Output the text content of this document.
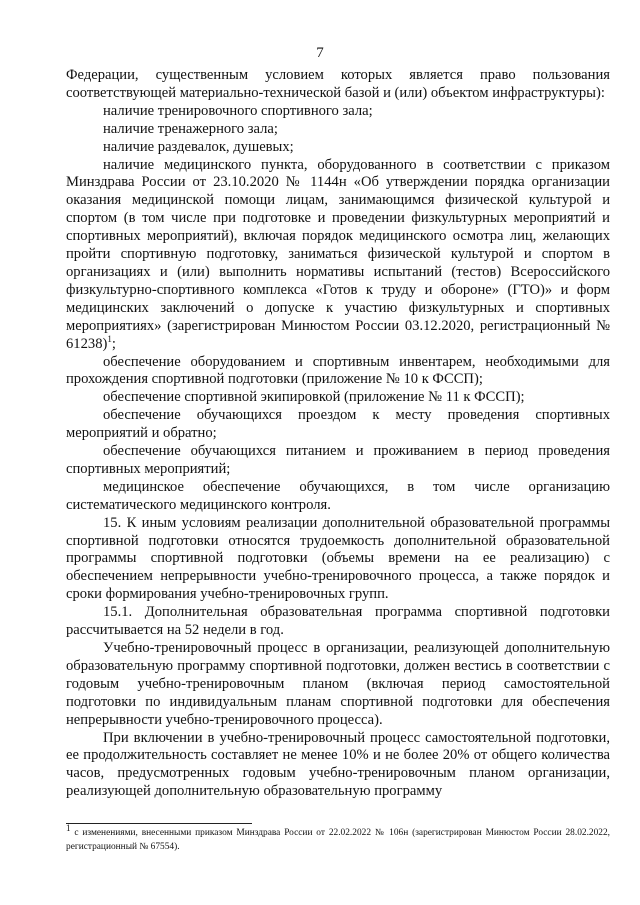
7

Федерации, существенным условием которых является право пользования соответствующей материально-технической базой и (или) объектом инфраструктуры):

наличие тренировочного спортивного зала;

наличие тренажерного зала;

наличие раздевалок, душевых;

наличие медицинского пункта, оборудованного в соответствии с приказом Минздрава России от 23.10.2020 № 1144н «Об утверждении порядка организации оказания медицинской помощи лицам, занимающимся физической культурой и спортом (в том числе при подготовке и проведении физкультурных мероприятий и спортивных мероприятий), включая порядок медицинского осмотра лиц, желающих пройти спортивную подготовку, заниматься физической культурой и спортом в организациях и (или) выполнить нормативы испытаний (тестов) Всероссийского физкультурно-спортивного комплекса «Готов к труду и обороне» (ГТО)» и форм медицинских заключений о допуске к участию физкультурных и спортивных мероприятиях» (зарегистрирован Минюстом России 03.12.2020, регистрационный № 61238)$^1$;

обеспечение оборудованием и спортивным инвентарем, необходимыми для прохождения спортивной подготовки (приложение № 10 к ФССП);

обеспечение спортивной экипировкой (приложение № 11 к ФССП);

обеспечение обучающихся проездом к месту проведения спортивных мероприятий и обратно;

обеспечение обучающихся питанием и проживанием в период проведения спортивных мероприятий;

медицинское обеспечение обучающихся, в том числе организацию систематического медицинского контроля.

15. К иным условиям реализации дополнительной образовательной программы спортивной подготовки относятся трудоемкость дополнительной образовательной программы спортивной подготовки (объемы времени на ее реализацию) с обеспечением непрерывности учебно-тренировочного процесса, а также порядок и сроки формирования учебно-тренировочных групп.

15.1. Дополнительная образовательная программа спортивной подготовки рассчитывается на 52 недели в год.

Учебно-тренировочный процесс в организации, реализующей дополнительную образовательную программу спортивной подготовки, должен вестись в соответствии с годовым учебно-тренировочным планом (включая период самостоятельной подготовки по индивидуальным планам спортивной подготовки для обеспечения непрерывности учебно-тренировочного процесса).

При включении в учебно-тренировочный процесс самостоятельной подготовки, ее продолжительность составляет не менее 10% и не более 20% от общего количества часов, предусмотренных годовым учебно-тренировочным планом организации, реализующей дополнительную образовательную программу

$^1$ с изменениями, внесенными приказом Минздрава России от 22.02.2022 № 106н (зарегистрирован Минюстом России 28.02.2022, регистрационный № 67554).
